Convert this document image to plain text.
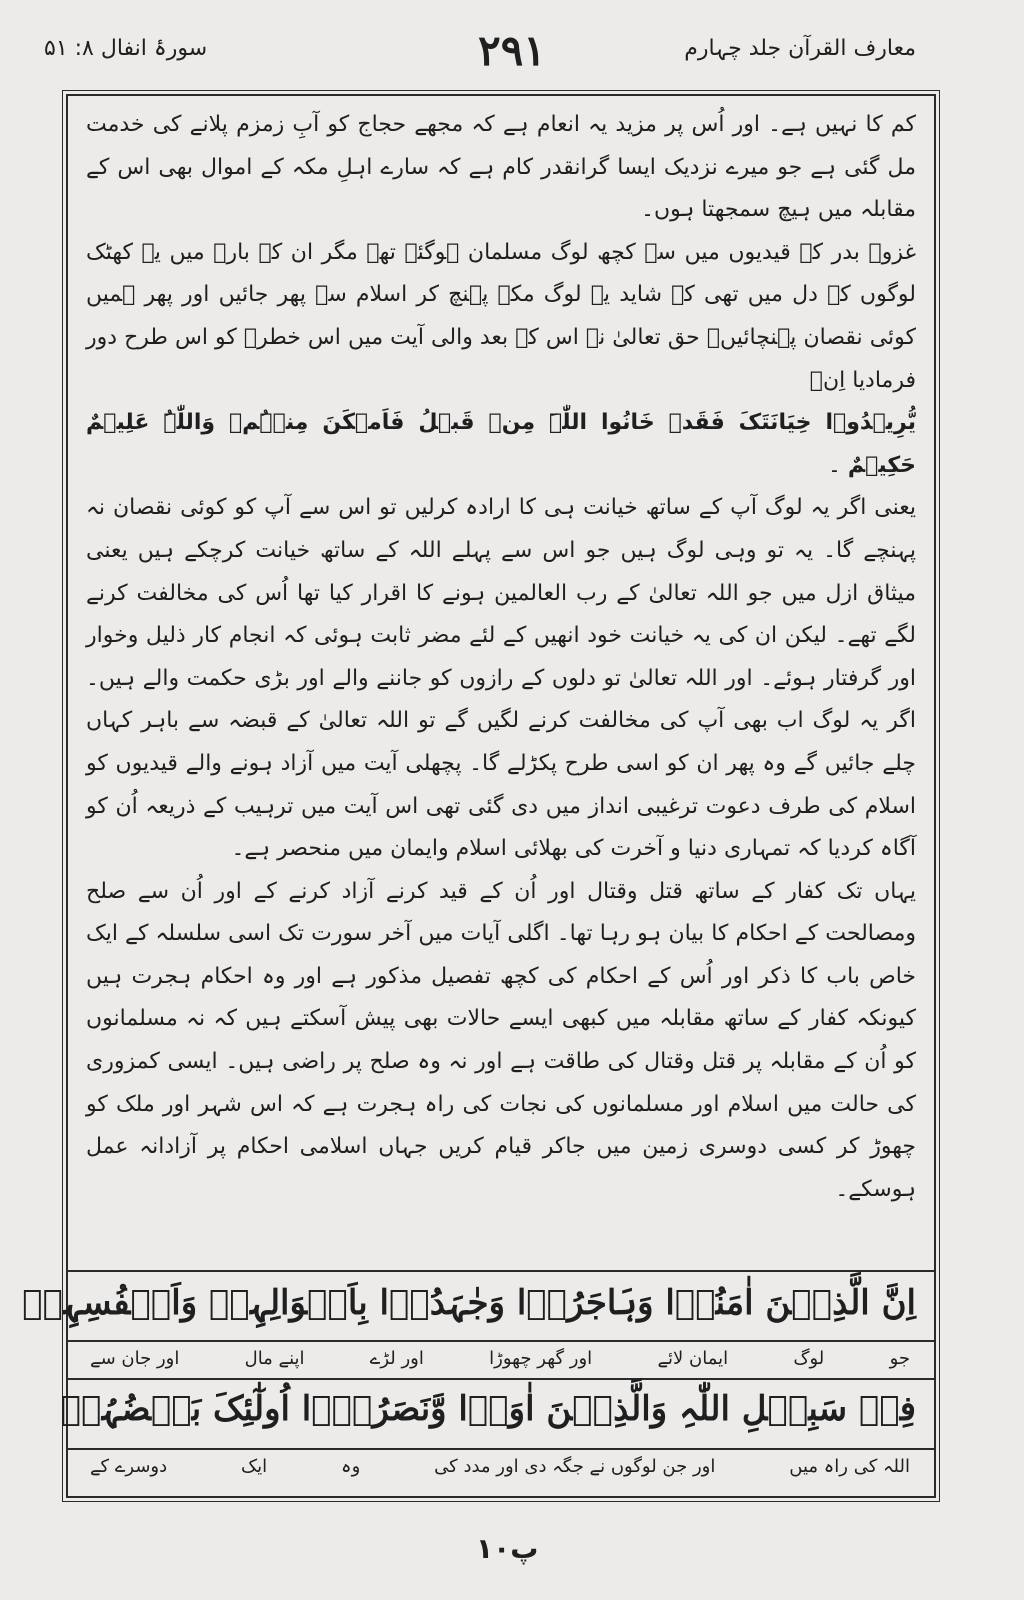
سورۂ انفال ۸: ۵۱	۲۹۱	معارف القرآن جلد چہارم

کم کا نہیں ہے۔ اور اُس پر مزید یہ انعام ہے کہ مجھے حجاج کو آبِ زمزم پلانے کی خدمت مل گئی ہے جو میرے نزدیک ایسا گرانقدر کام ہے کہ سارے اہلِ مکہ کے اموال بھی اس کے مقابلہ میں ہیچ سمجھتا ہوں۔

غزوۂ بدر کے قیدیوں میں سے کچھ لوگ مسلمان ہوگئے تھے مگر ان کے بارہ میں یہ کھٹک لوگوں کے دل میں تھی کہ شاید یہ لوگ مکہ پہنچ کر اسلام سے پھر جائیں اور پھر ہمیں کوئی نقصان پہنچائیں۔ حق تعالیٰ نے اس کے بعد والی آیت میں اس خطرہ کو اس طرح دور فرمادیا اِنۡ

یُّرِیۡدُوۡا خِیَانَتَکَ فَقَدۡ خَانُوا اللّٰہَ مِنۡ قَبۡلُ فَاَمۡکَنَ مِنۡہُمۡ وَاللّٰہُ عَلِیۡمٌ حَکِیۡمٌ ۔

یعنی اگر یہ لوگ آپ کے ساتھ خیانت ہی کا ارادہ کرلیں تو اس سے آپ کو کوئی نقصان نہ پہنچے گا۔ یہ تو وہی لوگ ہیں جو اس سے پہلے اللہ کے ساتھ خیانت کرچکے ہیں یعنی میثاق ازل میں جو اللہ تعالیٰ کے رب العالمین ہونے کا اقرار کیا تھا اُس کی مخالفت کرنے لگے تھے۔ لیکن ان کی یہ خیانت خود انھیں کے لئے مضر ثابت ہوئی کہ انجام کار ذلیل وخوار اور گرفتار ہوئے۔ اور اللہ تعالیٰ تو دلوں کے رازوں کو جاننے والے اور بڑی حکمت والے ہیں۔ اگر یہ لوگ اب بھی آپ کی مخالفت کرنے لگیں گے تو اللہ تعالیٰ کے قبضہ سے باہر کہاں چلے جائیں گے وہ پھر ان کو اسی طرح پکڑلے گا۔ پچھلی آیت میں آزاد ہونے والے قیدیوں کو اسلام کی طرف دعوت ترغیبی انداز میں دی گئی تھی اس آیت میں ترہیب کے ذریعہ اُن کو آگاہ کردیا کہ تمہاری دنیا و آخرت کی بھلائی اسلام وایمان میں منحصر ہے۔

یہاں تک کفار کے ساتھ قتل وقتال اور اُن کے قید کرنے آزاد کرنے کے اور اُن سے صلح ومصالحت کے احکام کا بیان ہو رہا تھا۔ اگلی آیات میں آخر سورت تک اسی سلسلہ کے ایک خاص باب کا ذکر اور اُس کے احکام کی کچھ تفصیل مذکور ہے اور وہ احکام ہجرت ہیں کیونکہ کفار کے ساتھ مقابلہ میں کبھی ایسے حالات بھی پیش آسکتے ہیں کہ نہ مسلمانوں کو اُن کے مقابلہ پر قتل وقتال کی طاقت ہے اور نہ وہ صلح پر راضی ہیں۔ ایسی کمزوری کی حالت میں اسلام اور مسلمانوں کی نجات کی راہ ہجرت ہے کہ اس شہر اور ملک کو چھوڑ کر کسی دوسری زمین میں جاکر قیام کریں جہاں اسلامی احکام پر آزادانہ عمل ہوسکے۔

اِنَّ الَّذِیۡنَ اٰمَنُوۡا وَہَاجَرُوۡا وَجٰہَدُوۡا بِاَمۡوَالِہِمۡ وَاَنۡفُسِہِمۡ
جو
لوگ
ایمان لائے
اور گھر چھوڑا
اور لڑے
اپنے مال
اور جان سے
فِیۡ سَبِیۡلِ اللّٰہِ وَالَّذِیۡنَ اٰوَوۡا وَّنَصَرُوۡۤا اُولٰٓئِکَ بَعۡضُہُمۡ
اللہ کی راہ میں
اور جن لوگوں نے جگہ دی اور مدد کی
وہ
ایک
دوسرے کے
پ۱۰
